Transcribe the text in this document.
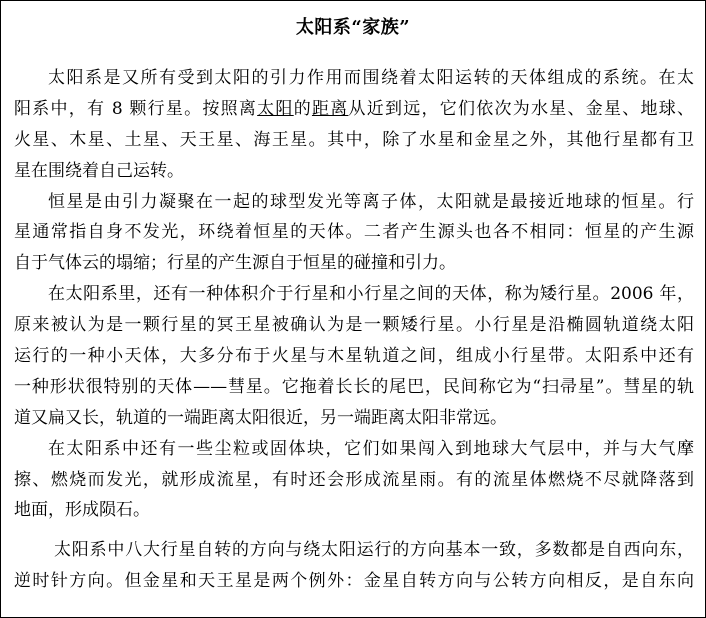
太阳系“家族”
太阳系是又所有受到太阳的引力作用而围绕着太阳运转的天体组成的系统。在太
阳系中，有 8 颗行星。按照离太阳的距离从近到远，它们依次为水星、金星、地球、
火星、木星、土星、天王星、海王星。其中，除了水星和金星之外，其他行星都有卫
星在围绕着自己运转。
恒星是由引力凝聚在一起的球型发光等离子体，太阳就是最接近地球的恒星。行
星通常指自身不发光，环绕着恒星的天体。二者产生源头也各不相同：恒星的产生源
自于气体云的塌缩；行星的产生源自于恒星的碰撞和引力。
在太阳系里，还有一种体积介于行星和小行星之间的天体，称为矮行星。2006 年，
原来被认为是一颗行星的冥王星被确认为是一颗矮行星。小行星是沿椭圆轨道绕太阳
运行的一种小天体，大多分布于火星与木星轨道之间，组成小行星带。太阳系中还有
一种形状很特别的天体——彗星。它拖着长长的尾巴，民间称它为“扫帚星”。彗星的轨
道又扁又长，轨道的一端距离太阳很近，另一端距离太阳非常远。
在太阳系中还有一些尘粒或固体块，它们如果闯入到地球大气层中，并与大气摩
擦、燃烧而发光，就形成流星，有时还会形成流星雨。有的流星体燃烧不尽就降落到
地面，形成陨石。
太阳系中八大行星自转的方向与绕太阳运行的方向基本一致，多数都是自西向东，
逆时针方向。但金星和天王星是两个例外：金星自转方向与公转方向相反，是自东向
